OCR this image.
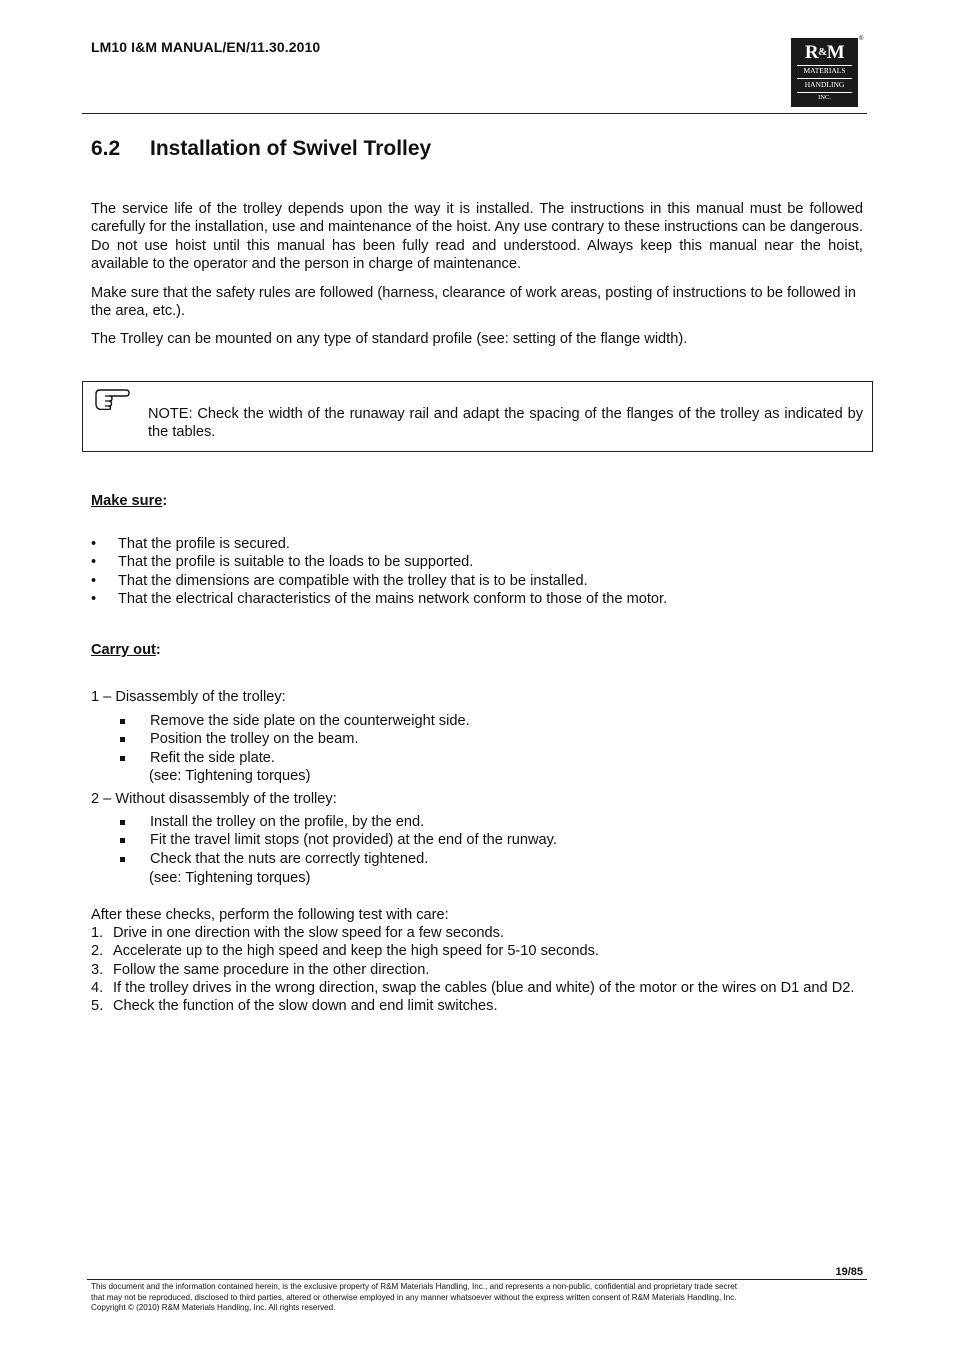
LM10 I&M MANUAL/EN/11.30.2010	R&M
MATERIALS
HANDLING
INC.
®
6.2 Installation of Swivel Trolley
The service life of the trolley depends upon the way it is installed. The instructions in this manual must be followed carefully for the installation, use and maintenance of the hoist. Any use contrary to these instructions can be dangerous. Do not use hoist until this manual has been fully read and understood. Always keep this manual near the hoist, available to the operator and the person in charge of maintenance.
Make sure that the safety rules are followed (harness, clearance of work areas, posting of instructions to be followed in the area, etc.).
The Trolley can be mounted on any type of standard profile (see: setting of the flange width).
NOTE: Check the width of the runaway rail and adapt the spacing of the flanges of the trolley as indicated by the tables.
Make sure:
• That the profile is secured.
• That the profile is suitable to the loads to be supported.
• That the dimensions are compatible with the trolley that is to be installed.
• That the electrical characteristics of the mains network conform to those of the motor.
Carry out:
1 – Disassembly of the trolley:
Remove the side plate on the counterweight side.
Position the trolley on the beam.
Refit the side plate.
(see: Tightening torques)
2 – Without disassembly of the trolley:
Install the trolley on the profile, by the end.
Fit the travel limit stops (not provided) at the end of the runway.
Check that the nuts are correctly tightened.
(see: Tightening torques)
After these checks, perform the following test with care:
1. Drive in one direction with the slow speed for a few seconds.
2. Accelerate up to the high speed and keep the high speed for 5-10 seconds.
3. Follow the same procedure in the other direction.
4. If the trolley drives in the wrong direction, swap the cables (blue and white) of the motor or the wires on D1 and D2.
5. Check the function of the slow down and end limit switches.
19/85
This document and the information contained herein, is the exclusive property of R&M Materials Handling, Inc., and represents a non-public, confidential and proprietary trade secret
that may not be reproduced, disclosed to third parties, altered or otherwise employed in any manner whatsoever without the express written consent of R&M Materials Handling, Inc.
Copyright © (2010) R&M Materials Handling, Inc. All rights reserved.
